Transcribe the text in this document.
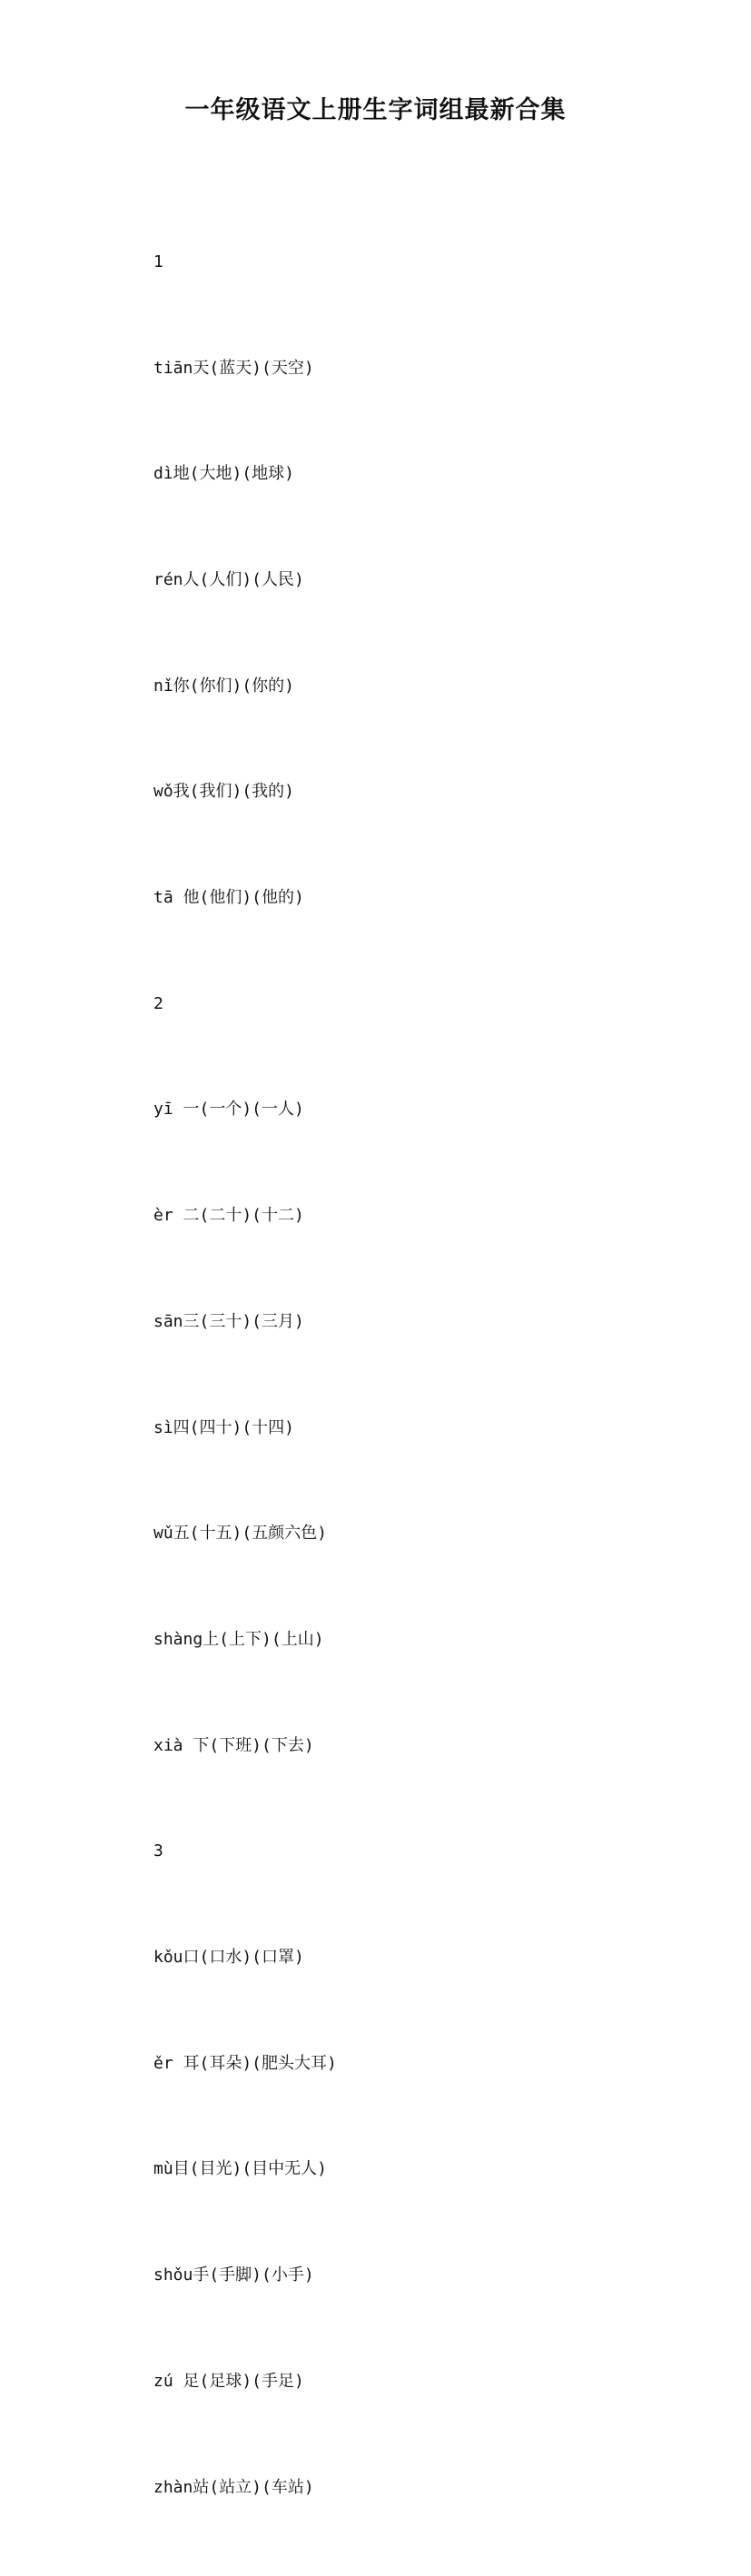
一年级语文上册生字词组最新合集

1

tiān天(蓝天)(天空)

dì地(大地)(地球)

rén人(人们)(人民)

nǐ你(你们)(你的)

wǒ我(我们)(我的)

tā 他(他们)(他的)

2

yī 一(一个)(一人)

èr 二(二十)(十二)

sān三(三十)(三月)

sì四(四十)(十四)

wǔ五(十五)(五颜六色)

shàng上(上下)(上山)

xià 下(下班)(下去)

3

kǒu口(口水)(口罩)

ěr 耳(耳朵)(肥头大耳)

mù目(目光)(目中无人)

shǒu手(手脚)(小手)

zú 足(足球)(手足)

zhàn站(站立)(车站)
